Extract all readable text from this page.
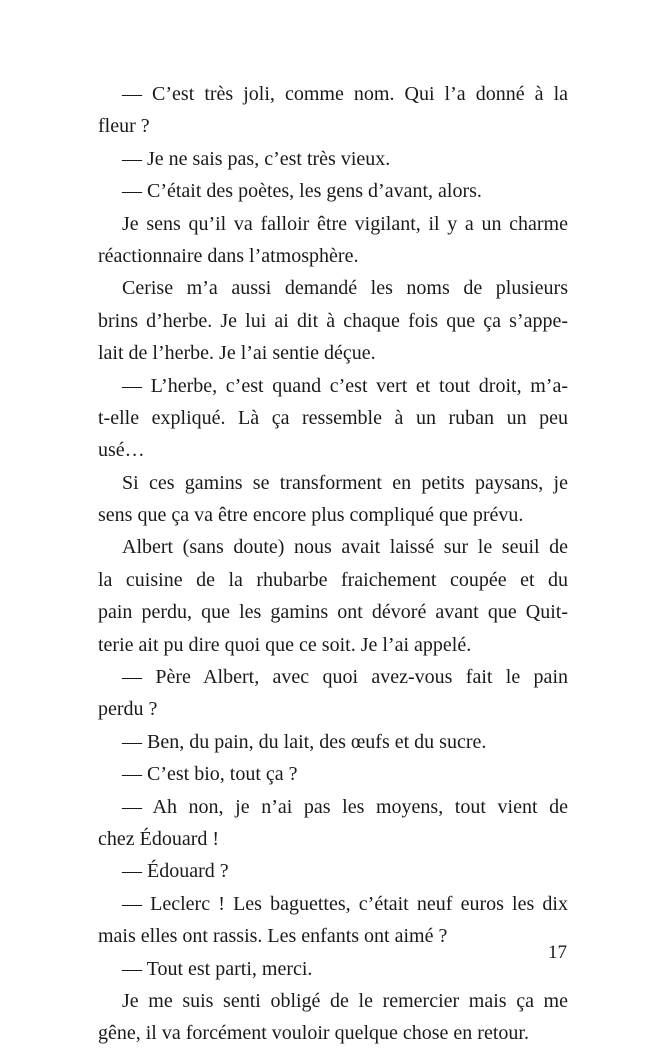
— C’est très joli, comme nom. Qui l’a donné à la
fleur ?
— Je ne sais pas, c’est très vieux.
— C’était des poètes, les gens d’avant, alors.
Je sens qu’il va falloir être vigilant, il y a un charme
réactionnaire dans l’atmosphère.
Cerise m’a aussi demandé les noms de plusieurs
brins d’herbe. Je lui ai dit à chaque fois que ça s’appe-
lait de l’herbe. Je l’ai sentie déçue.
— L’herbe, c’est quand c’est vert et tout droit, m’a-
t-elle expliqué. Là ça ressemble à un ruban un peu
usé…
Si ces gamins se transforment en petits paysans, je
sens que ça va être encore plus compliqué que prévu.
Albert (sans doute) nous avait laissé sur le seuil de
la cuisine de la rhubarbe fraichement coupée et du
pain perdu, que les gamins ont dévoré avant que Quit-
terie ait pu dire quoi que ce soit. Je l’ai appelé.
— Père Albert, avec quoi avez-vous fait le pain
perdu ?
— Ben, du pain, du lait, des œufs et du sucre.
— C’est bio, tout ça ?
— Ah non, je n’ai pas les moyens, tout vient de
chez Édouard !
— Édouard ?
— Leclerc ! Les baguettes, c’était neuf euros les dix
mais elles ont rassis. Les enfants ont aimé ?
— Tout est parti, merci.
Je me suis senti obligé de le remercier mais ça me
gêne, il va forcément vouloir quelque chose en retour.
17
